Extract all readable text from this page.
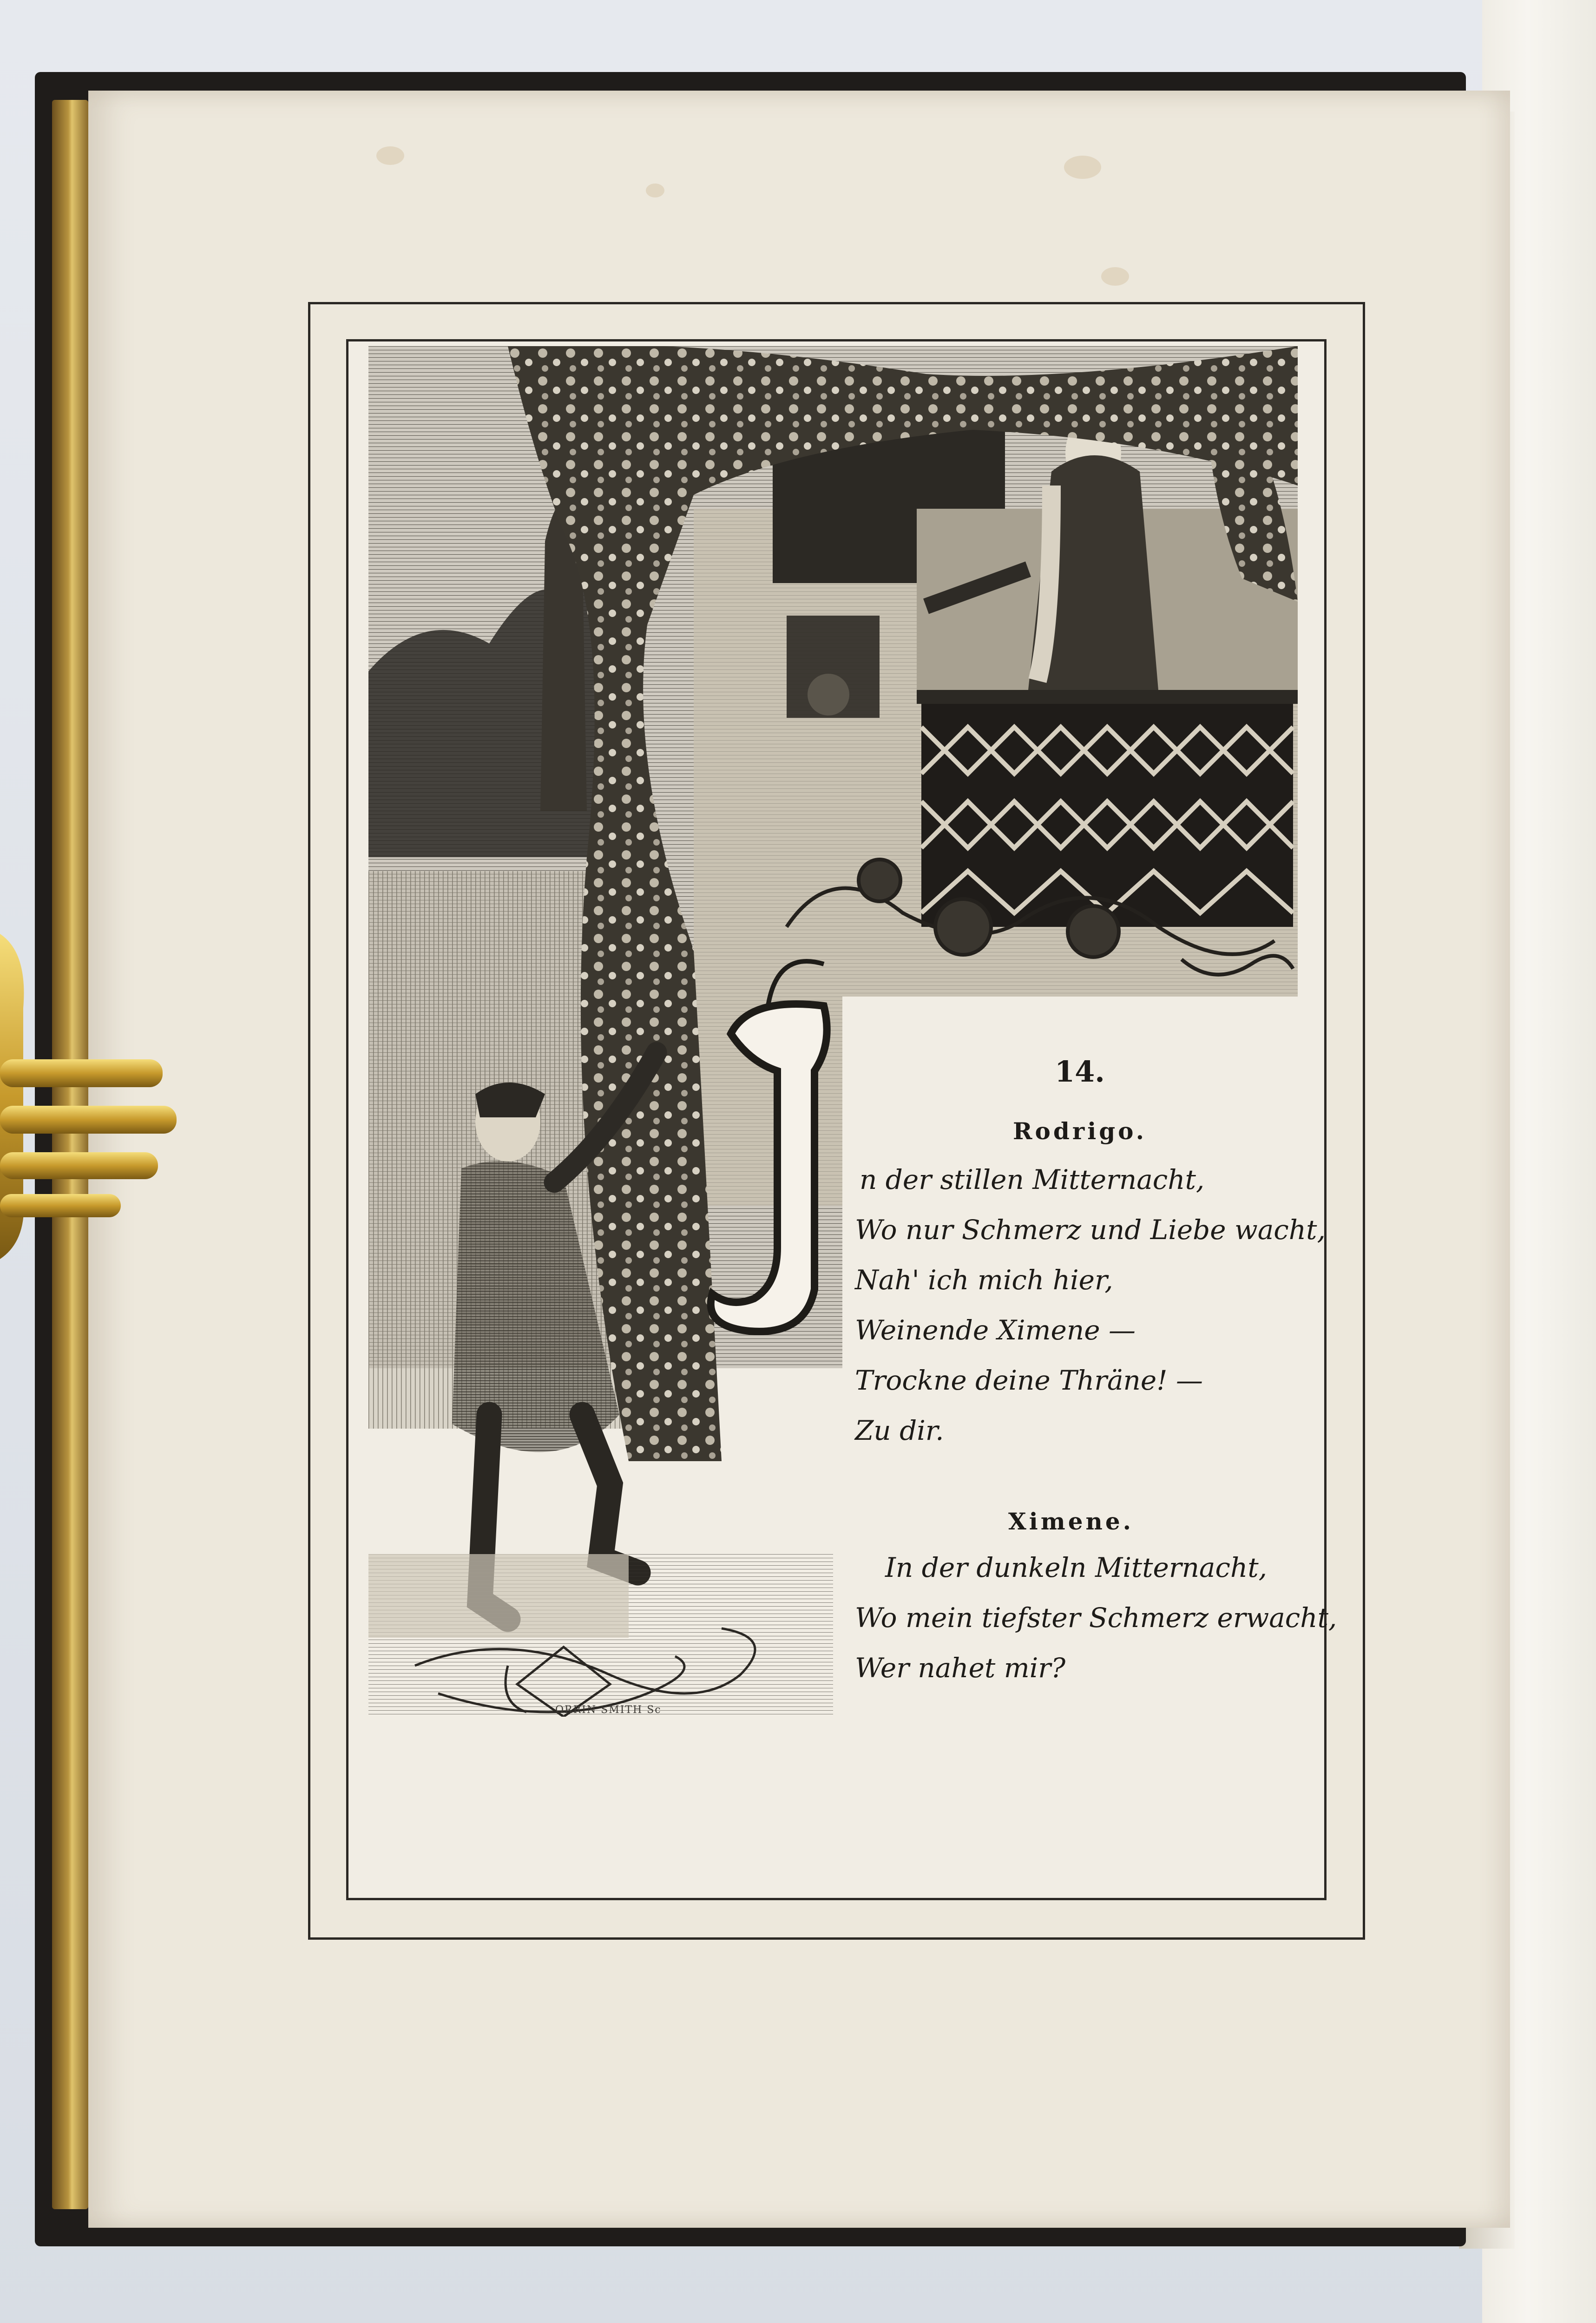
ORRIN SMITH Sc
14.
Rodrigo.
n der stillen Mitternacht,
Wo nur Schmerz und Liebe wacht,
Nah' ich mich hier,
Weinende Ximene —
Trockne deine Thräne! —
Zu dir.
Ximene.
In der dunkeln Mitternacht,
Wo mein tiefster Schmerz erwacht,
Wer nahet mir?
